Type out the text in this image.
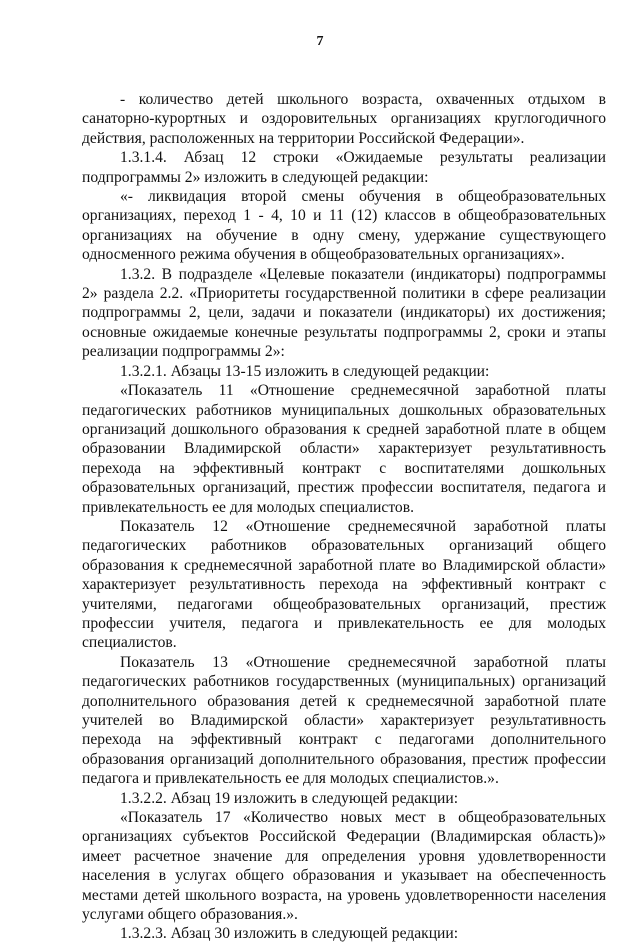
7

- количество детей школьного возраста, охваченных отдыхом в санаторно-курортных и оздоровительных организациях круглогодичного действия, расположенных на территории Российской Федерации».

1.3.1.4. Абзац 12 строки «Ожидаемые результаты реализации подпрограммы 2» изложить в следующей редакции:

«- ликвидация второй смены обучения в общеобразовательных организациях, переход 1 - 4, 10 и 11 (12) классов в общеобразовательных организациях на обучение в одну смену, удержание существующего односменного режима обучения в общеобразовательных организациях».

1.3.2. В подразделе «Целевые показатели (индикаторы) подпрограммы 2» раздела 2.2. «Приоритеты государственной политики в сфере реализации подпрограммы 2, цели, задачи и показатели (индикаторы) их достижения; основные ожидаемые конечные результаты подпрограммы 2, сроки и этапы реализации подпрограммы 2»:

1.3.2.1. Абзацы 13-15 изложить в следующей редакции:

«Показатель 11 «Отношение среднемесячной заработной платы педагогических работников муниципальных дошкольных образовательных организаций дошкольного образования к средней заработной плате в общем образовании Владимирской области» характеризует результативность перехода на эффективный контракт с воспитателями дошкольных образовательных организаций, престиж профессии воспитателя, педагога и привлекательность ее для молодых специалистов.

Показатель 12 «Отношение среднемесячной заработной платы педагогических работников образовательных организаций общего образования к среднемесячной заработной плате во Владимирской области» характеризует результативность перехода на эффективный контракт с учителями, педагогами общеобразовательных организаций, престиж профессии учителя, педагога и привлекательность ее для молодых специалистов.

Показатель 13 «Отношение среднемесячной заработной платы педагогических работников государственных (муниципальных) организаций дополнительного образования детей к среднемесячной заработной плате учителей во Владимирской области» характеризует результативность перехода на эффективный контракт с педагогами дополнительного образования организаций дополнительного образования, престиж профессии педагога и привлекательность ее для молодых специалистов.».

1.3.2.2. Абзац 19 изложить в следующей редакции:

«Показатель 17 «Количество новых мест в общеобразовательных организациях субъектов Российской Федерации (Владимирская область)» имеет расчетное значение для определения уровня удовлетворенности населения в услугах общего образования и указывает на обеспеченность местами детей школьного возраста, на уровень удовлетворенности населения услугами общего образования.».

1.3.2.3. Абзац 30 изложить в следующей редакции:
